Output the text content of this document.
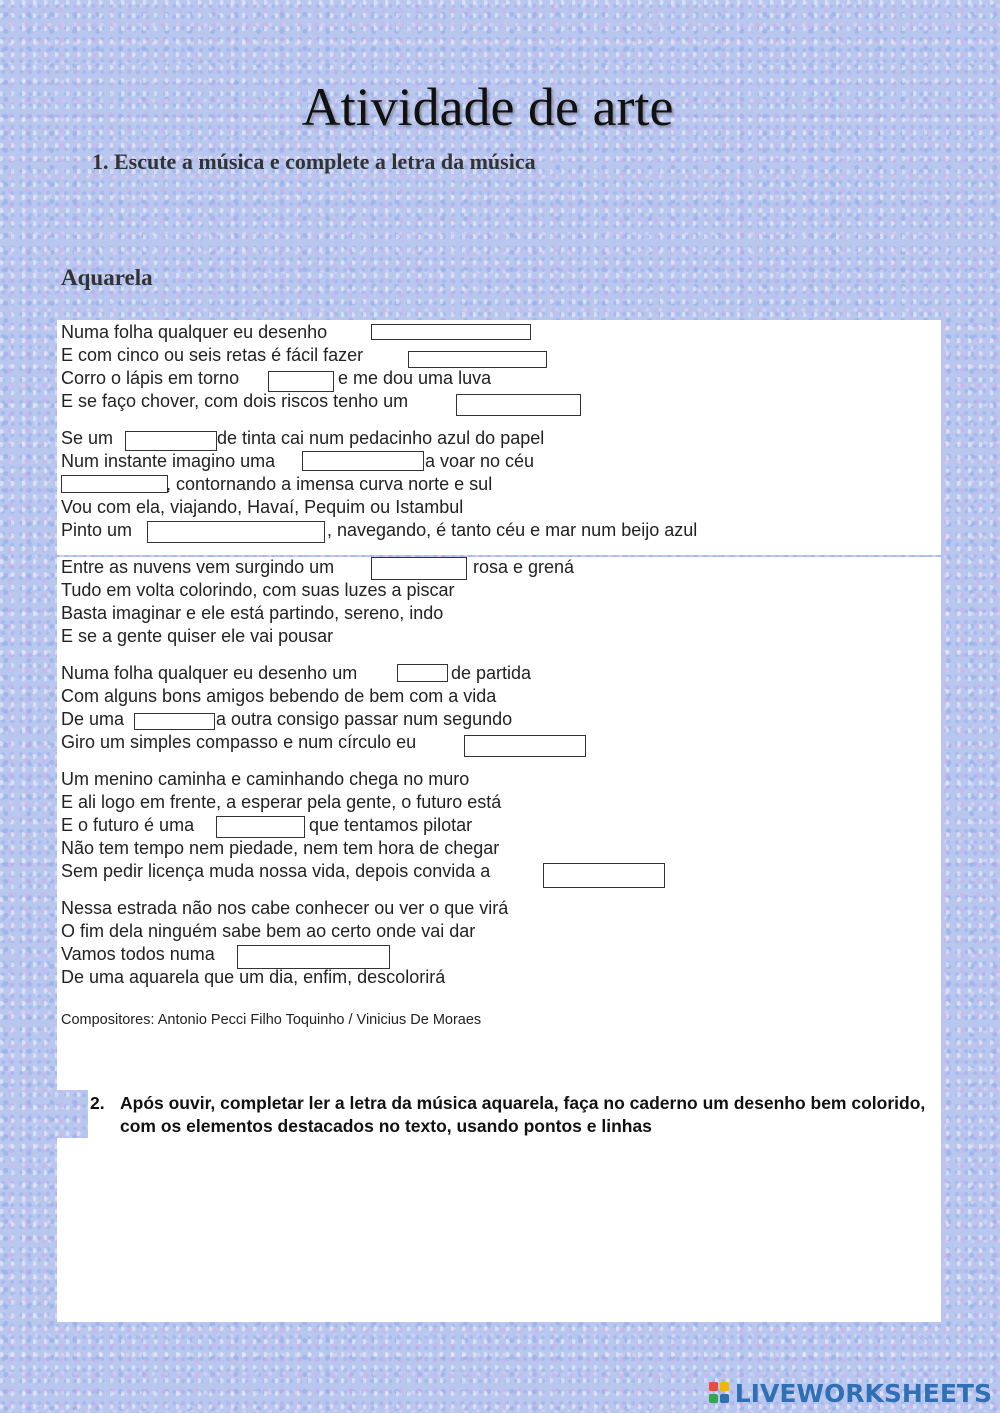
Atividade de arte
1. Escute a música e complete a letra da música
Aquarela
Numa folha qualquer eu desenho
E com cinco ou seis retas é fácil fazer
Corro o lápis em torno	e me dou uma luva
E se faço chover, com dois riscos tenho um
Se um	de tinta cai num pedacinho azul do papel
Num instante imagino uma	a voar no céu
, contornando a imensa curva norte e sul
Vou com ela, viajando, Havaí, Pequim ou Istambul
Pinto um	, navegando, é tanto céu e mar num beijo azul
Entre as nuvens vem surgindo um	rosa e grená
Tudo em volta colorindo, com suas luzes a piscar
Basta imaginar e ele está partindo, sereno, indo
E se a gente quiser ele vai pousar
Numa folha qualquer eu desenho um	de partida
Com alguns bons amigos bebendo de bem com a vida
De uma	a outra consigo passar num segundo
Giro um simples compasso e num círculo eu
Um menino caminha e caminhando chega no muro
E ali logo em frente, a esperar pela gente, o futuro está
E o futuro é uma	que tentamos pilotar
Não tem tempo nem piedade, nem tem hora de chegar
Sem pedir licença muda nossa vida, depois convida a
Nessa estrada não nos cabe conhecer ou ver o que virá
O fim dela ninguém sabe bem ao certo onde vai dar
Vamos todos numa
De uma aquarela que um dia, enfim, descolorirá
Compositores: Antonio Pecci Filho Toquinho / Vinicius De Moraes
2. Após ouvir, completar ler a letra da música aquarela, faça no caderno um desenho bem colorido, com os elementos destacados no texto, usando pontos e linhas
LIVEWORKSHEETS
